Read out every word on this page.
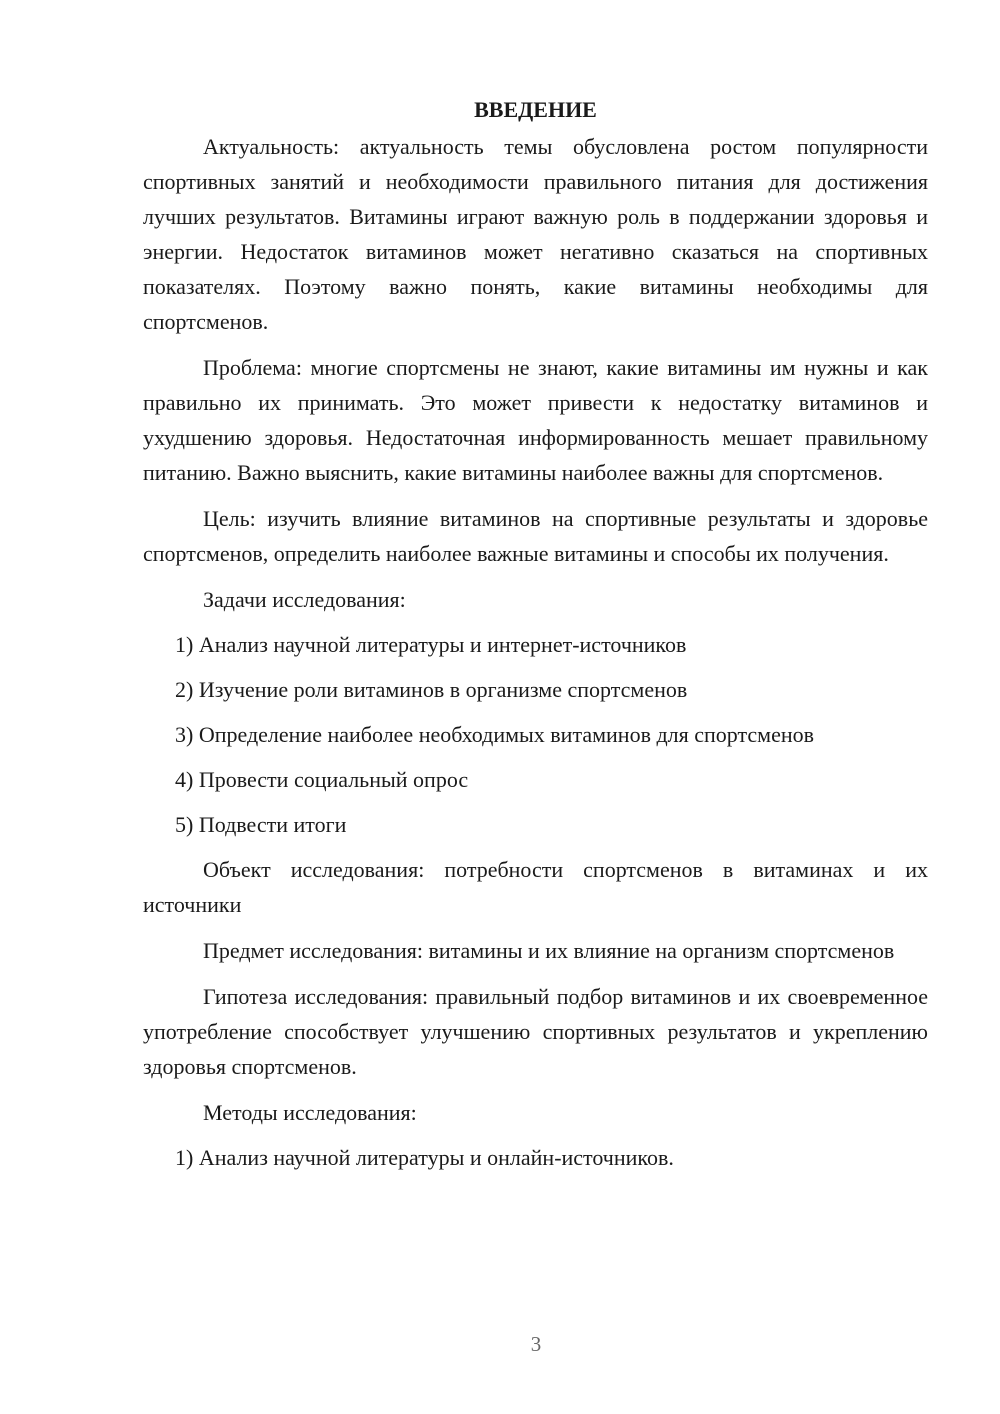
ВВЕДЕНИЕ

Актуальность: актуальность темы обусловлена ростом популярности спортивных занятий и необходимости правильного питания для достижения лучших результатов. Витамины играют важную роль в поддержании здоровья и энергии. Недостаток витаминов может негативно сказаться на спортивных показателях. Поэтому важно понять, какие витамины необходимы для спортсменов.

Проблема: многие спортсмены не знают, какие витамины им нужны и как правильно их принимать. Это может привести к недостатку витаминов и ухудшению здоровья. Недостаточная информированность мешает правильному питанию. Важно выяснить, какие витамины наиболее важны для спортсменов.

Цель: изучить влияние витаминов на спортивные результаты и здоровье спортсменов, определить наиболее важные витамины и способы их получения.

Задачи исследования:

1) Анализ научной литературы и интернет-источников

2) Изучение роли витаминов в организме спортсменов

3) Определение наиболее необходимых витаминов для спортсменов

4) Провести социальный опрос

5) Подвести итоги

Объект исследования: потребности спортсменов в витаминах и их источники

Предмет исследования: витамины и их влияние на организм спортсменов

Гипотеза исследования: правильный подбор витаминов и их своевременное употребление способствует улучшению спортивных результатов и укреплению здоровья спортсменов.

Методы исследования:

1) Анализ научной литературы и онлайн-источников.

3
